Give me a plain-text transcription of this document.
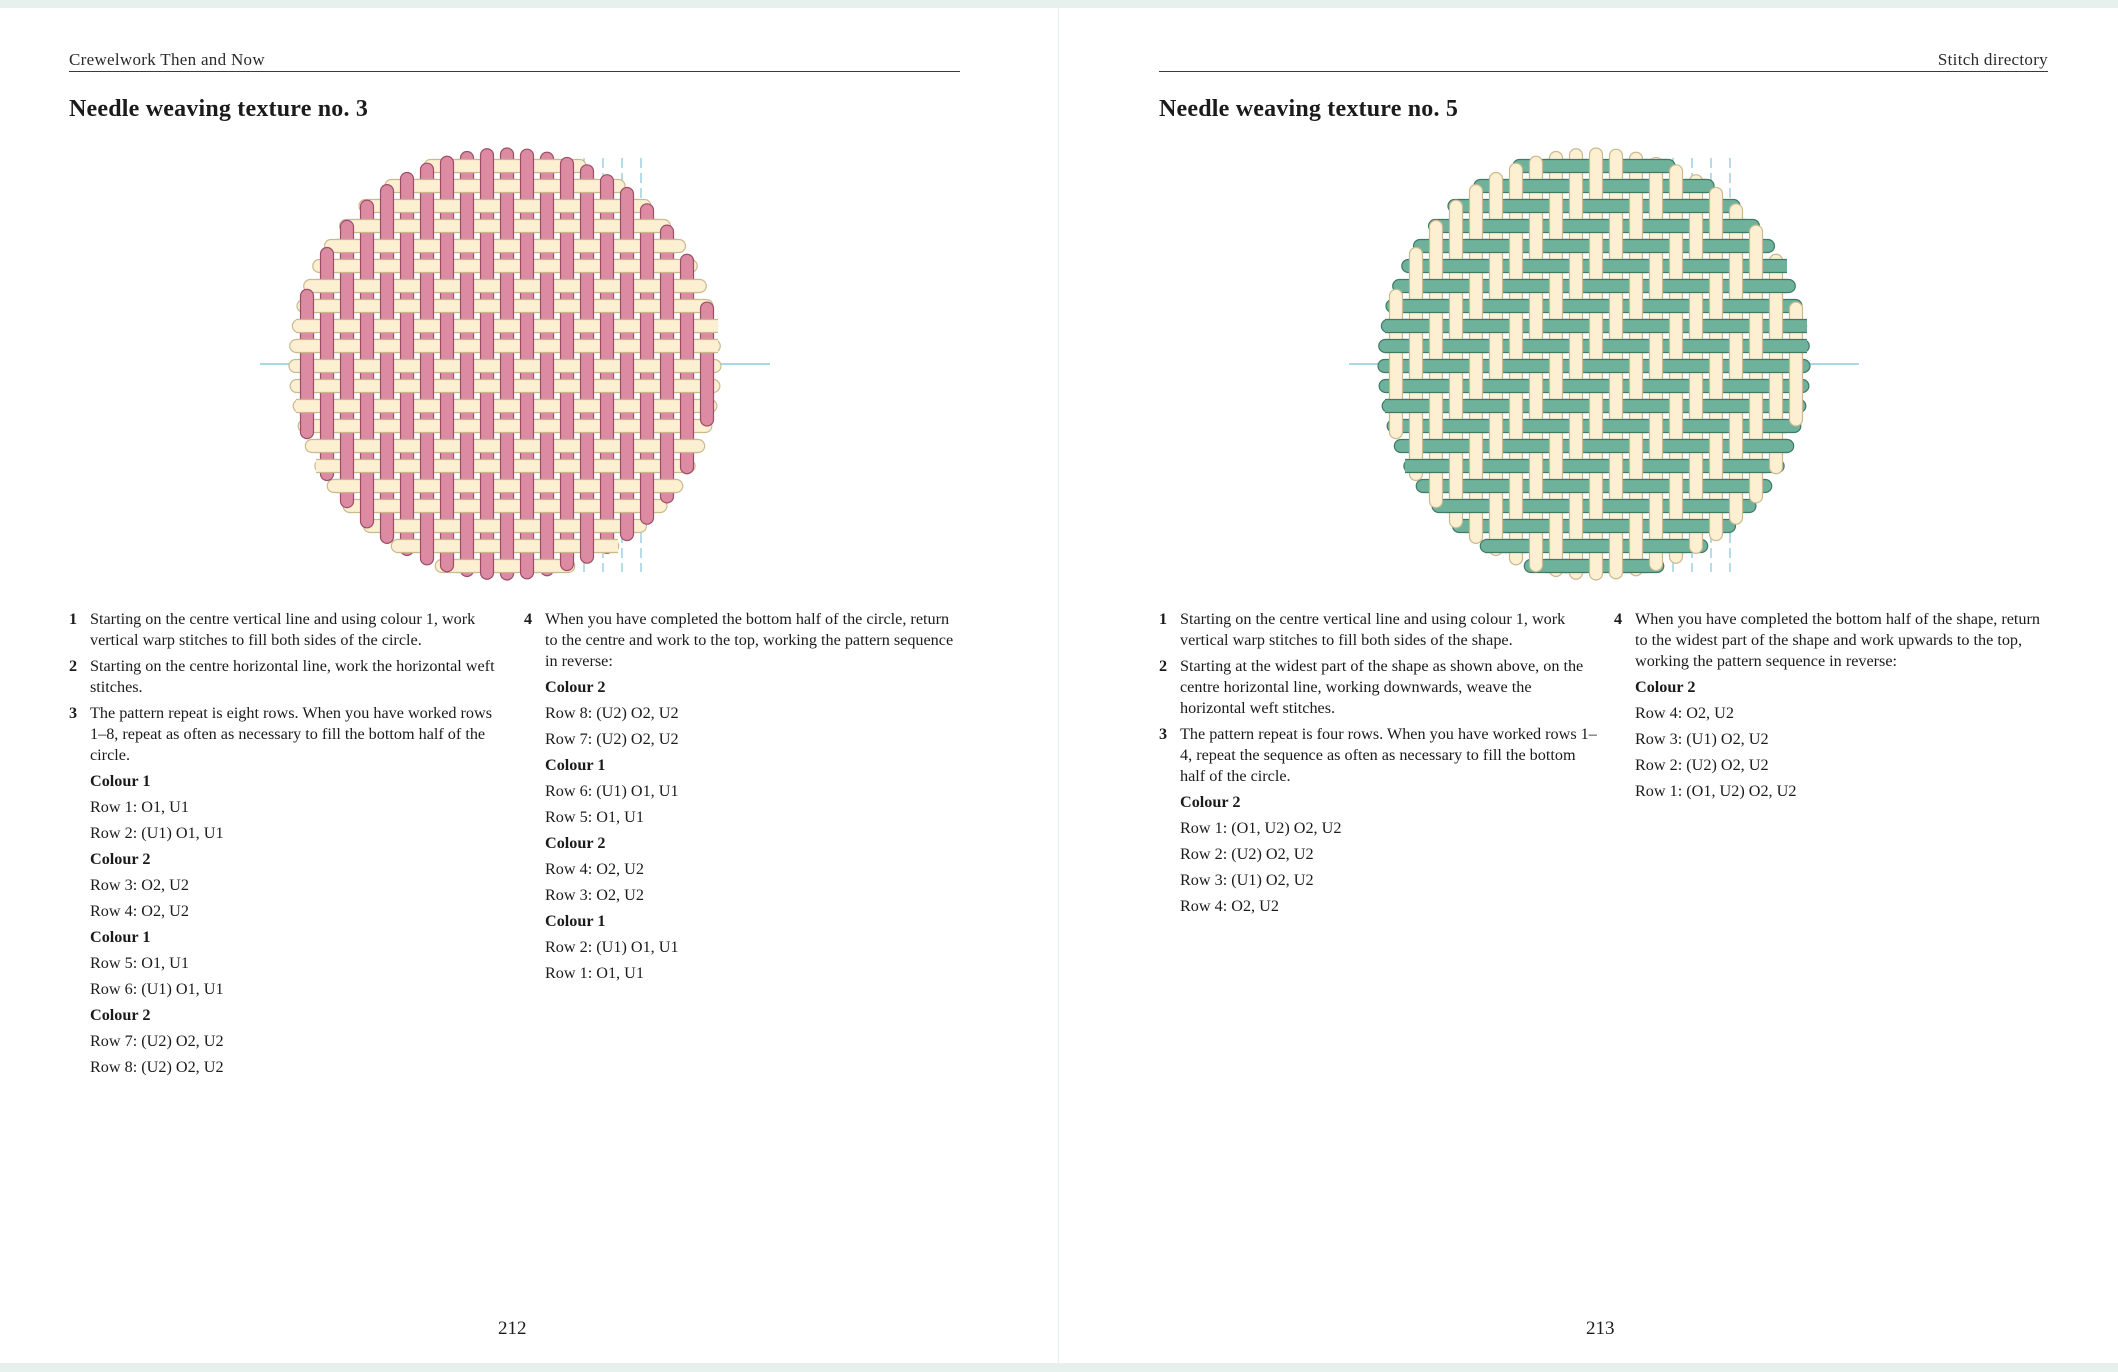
Crewelwork Then and Now
Needle weaving texture no. 3
1 Starting on the centre vertical line and using colour 1, work vertical warp stitches to fill both sides of the circle.
2 Starting on the centre horizontal line, work the horizontal weft stitches.
3 The pattern repeat is eight rows. When you have worked rows 1–8, repeat as often as necessary to fill the bottom half of the circle.
Colour 1
Row 1: O1, U1
Row 2: (U1) O1, U1
Colour 2
Row 3: O2, U2
Row 4: O2, U2
Colour 1
Row 5: O1, U1
Row 6: (U1) O1, U1
Colour 2
Row 7: (U2) O2, U2
Row 8: (U2) O2, U2
4 When you have completed the bottom half of the circle, return to the centre and work to the top, working the pattern sequence in reverse:
Colour 2
Row 8: (U2) O2, U2
Row 7: (U2) O2, U2
Colour 1
Row 6: (U1) O1, U1
Row 5: O1, U1
Colour 2
Row 4: O2, U2
Row 3: O2, U2
Colour 1
Row 2: (U1) O1, U1
Row 1: O1, U1
212
Stitch directory
Needle weaving texture no. 5
1 Starting on the centre vertical line and using colour 1, work vertical warp stitches to fill both sides of the shape.
2 Starting at the widest part of the shape as shown above, on the centre horizontal line, working downwards, weave the horizontal weft stitches.
3 The pattern repeat is four rows. When you have worked rows 1–4, repeat the sequence as often as necessary to fill the bottom half of the circle.
Colour 2
Row 1: (O1, U2) O2, U2
Row 2: (U2) O2, U2
Row 3: (U1) O2, U2
Row 4: O2, U2
4 When you have completed the bottom half of the shape, return to the widest part of the shape and work upwards to the top, working the pattern sequence in reverse:
Colour 2
Row 4: O2, U2
Row 3: (U1) O2, U2
Row 2: (U2) O2, U2
Row 1: (O1, U2) O2, U2
213
